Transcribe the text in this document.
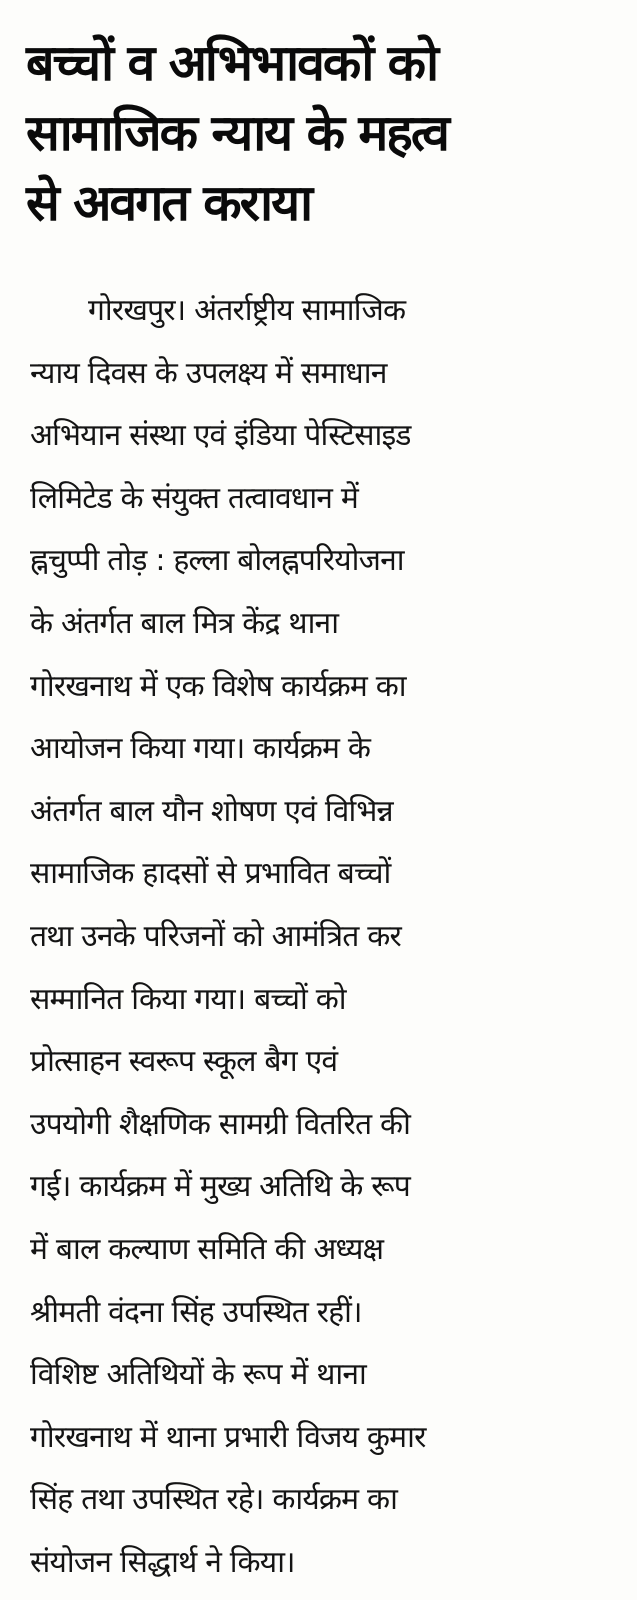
बच्चों व अभिभावकों को
सामाजिक न्याय के महत्व
से अवगत कराया
गोरखपुर। अंतर्राष्ट्रीय सामाजिक
न्याय दिवस के उपलक्ष्य में समाधान
अभियान संस्था एवं इंडिया पेस्टिसाइड
लिमिटेड के संयुक्त तत्वावधान में
ह्नचुप्पी तोड़ : हल्ला बोलह्नपरियोजना
के अंतर्गत बाल मित्र केंद्र थाना
गोरखनाथ में एक विशेष कार्यक्रम का
आयोजन किया गया। कार्यक्रम के
अंतर्गत बाल यौन शोषण एवं विभिन्न
सामाजिक हादसों से प्रभावित बच्चों
तथा उनके परिजनों को आमंत्रित कर
सम्मानित किया गया। बच्चों को
प्रोत्साहन स्वरूप स्कूल बैग एवं
उपयोगी शैक्षणिक सामग्री वितरित की
गई। कार्यक्रम में मुख्य अतिथि के रूप
में बाल कल्याण समिति की अध्यक्ष
श्रीमती वंदना सिंह उपस्थित रहीं।
विशिष्ट अतिथियों के रूप में थाना
गोरखनाथ में थाना प्रभारी विजय कुमार
सिंह तथा उपस्थित रहे। कार्यक्रम का
संयोजन सिद्धार्थ ने किया।
